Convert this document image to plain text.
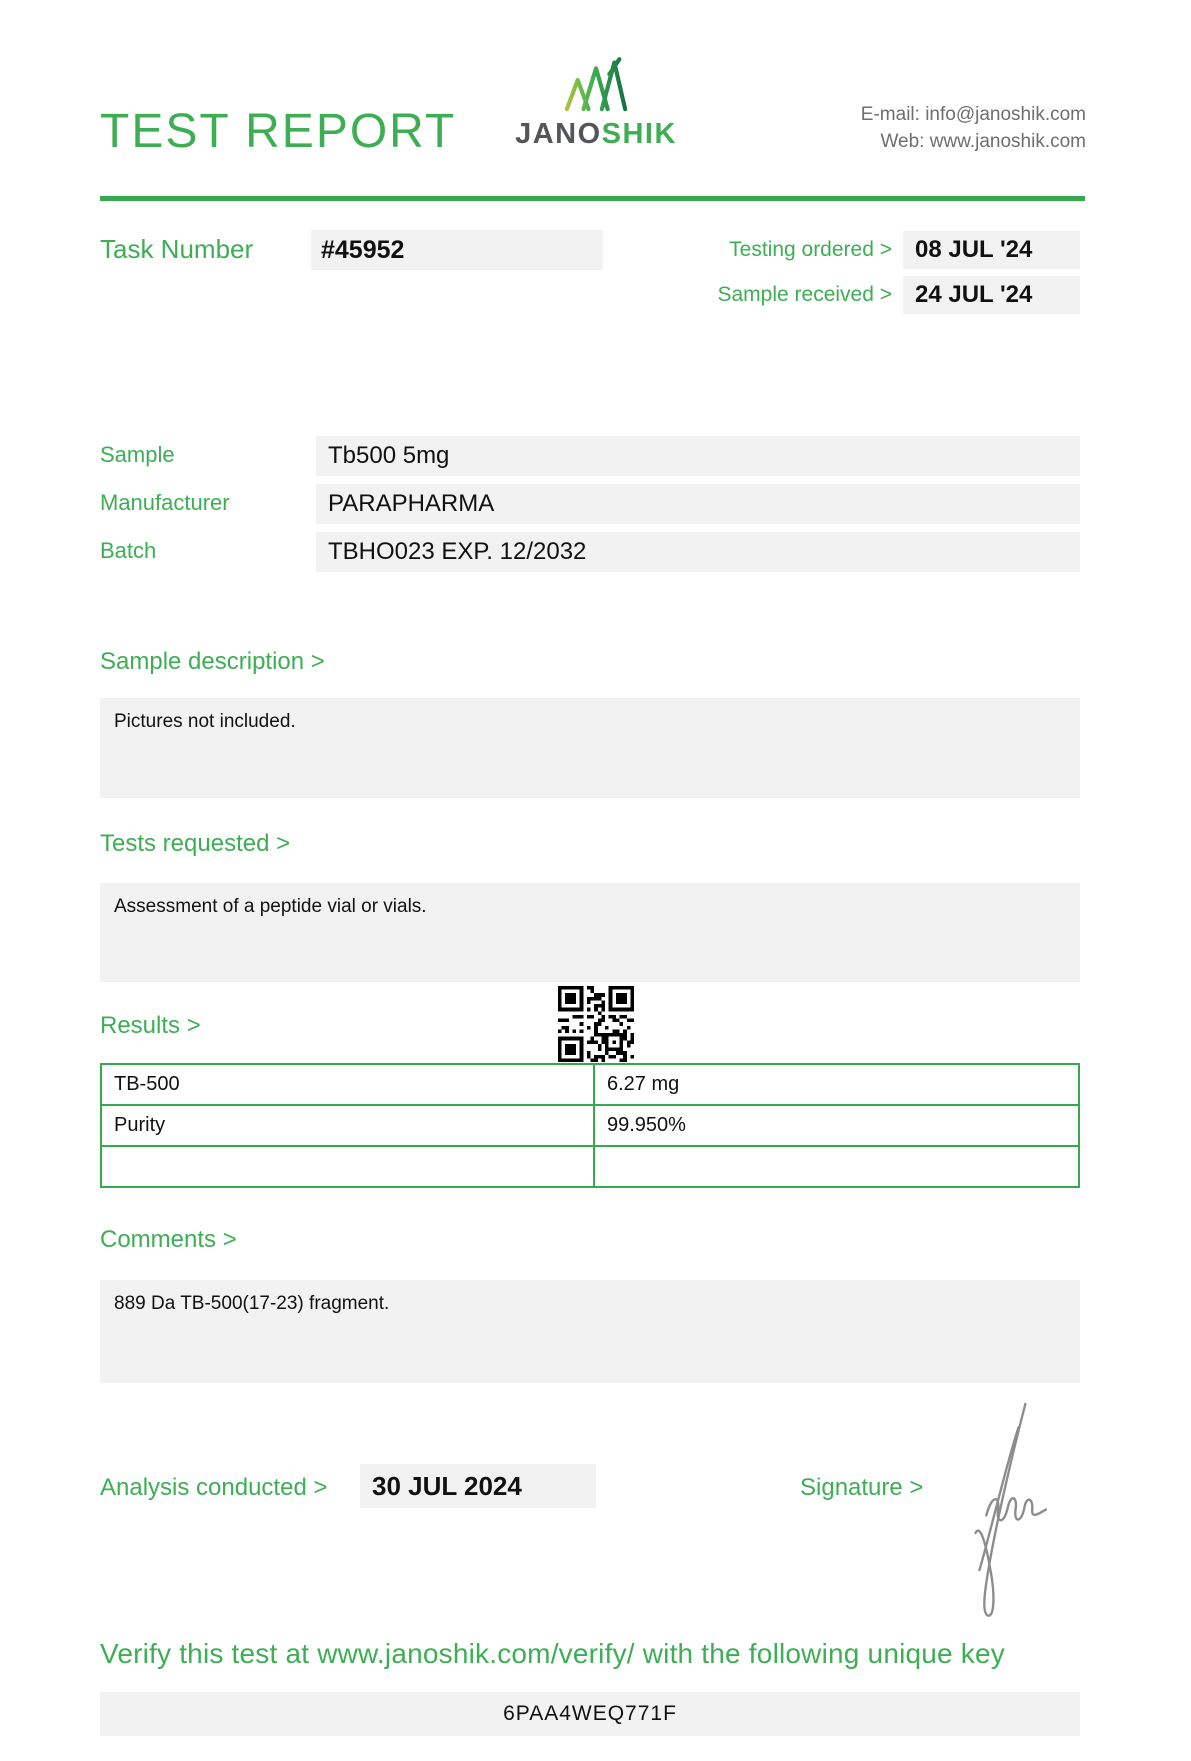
TEST REPORT JANOSHIK
E-mail: info@janoshik.com
Web: www.janoshik.com
Task Number	#45952	Testing ordered > 08 JUL '24
Sample received > 24 JUL '24
Sample	Tb500 5mg
Manufacturer	PARAPHARMA
Batch	TBHO023 EXP. 12/2032
Sample description >
Pictures not included.
Tests requested >
Assessment of a peptide vial or vials.
Results >
TB-500	6.27 mg
Purity	99.950%

Comments >
889 Da TB-500(17-23) fragment.
Analysis conducted >	30 JUL 2024	Signature >
Verify this test at www.janoshik.com/verify/ with the following unique key
6PAA4WEQ771F
